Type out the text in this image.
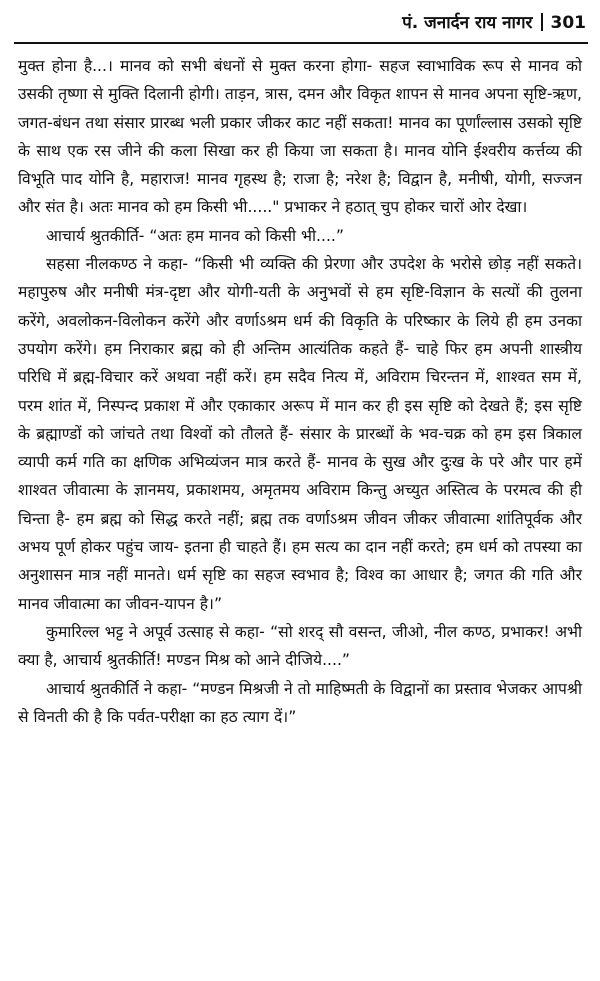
पं. जनार्दन राय नागर 301

मुक्त होना है...। मानव को सभी बंधनों से मुक्त करना होगा- सहज स्वाभाविक रूप से मानव को उसकी तृष्णा से मुक्ति दिलानी होगी। ताड़न, त्रास, दमन और विकृत शापन से मानव अपना सृष्टि-ऋण, जगत-बंधन तथा संसार प्रारब्ध भली प्रकार जीकर काट नहीं सकता! मानव का पूर्णांल्लास उसको सृष्टि के साथ एक रस जीने की कला सिखा कर ही किया जा सकता है। मानव योनि ईश्वरीय कर्त्तव्य की विभूति पाद योनि है, महाराज! मानव गृहस्थ है; राजा है; नरेश है; विद्वान है, मनीषी, योगी, सज्जन और संत है। अतः मानव को हम किसी भी....." प्रभाकर ने हठात् चुप होकर चारों ओर देखा।

आचार्य श्रुतकीर्ति- “अतः हम मानव को किसी भी....”

सहसा नीलकण्ठ ने कहा- “किसी भी व्यक्ति की प्रेरणा और उपदेश के भरोसे छोड़ नहीं सकते। महापुरुष और मनीषी मंत्र-दृष्टा और योगी-यती के अनुभवों से हम सृष्टि-विज्ञान के सत्यों की तुलना करेंगे, अवलोकन-विलोकन करेंगे और वर्णाऽश्रम धर्म की विकृति के परिष्कार के लिये ही हम उनका उपयोग करेंगे। हम निराकार ब्रह्म को ही अन्तिम आत्यंतिक कहते हैं- चाहे फिर हम अपनी शास्त्रीय परिधि में ब्रह्म-विचार करें अथवा नहीं करें। हम सदैव नित्य में, अविराम चिरन्तन में, शाश्वत सम में, परम शांत में, निस्पन्द प्रकाश में और एकाकार अरूप में मान कर ही इस सृष्टि को देखते हैं; इस सृष्टि के ब्रह्माण्डों को जांचते तथा विश्वों को तौलते हैं- संसार के प्रारब्धों के भव-चक्र को हम इस त्रिकाल व्यापी कर्म गति का क्षणिक अभिव्यंजन मात्र करते हैं- मानव के सुख और दुःख के परे और पार हमें शाश्वत जीवात्मा के ज्ञानमय, प्रकाशमय, अमृतमय अविराम किन्तु अच्युत अस्तित्व के परमत्व की ही चिन्ता है- हम ब्रह्म को सिद्ध करते नहीं; ब्रह्म तक वर्णाऽश्रम जीवन जीकर जीवात्मा शांतिपूर्वक और अभय पूर्ण होकर पहुंच जाय- इतना ही चाहते हैं। हम सत्य का दान नहीं करते; हम धर्म को तपस्या का अनुशासन मात्र नहीं मानते। धर्म सृष्टि का सहज स्वभाव है; विश्व का आधार है; जगत की गति और मानव जीवात्मा का जीवन-यापन है।”

कुमारिल्ल भट्ट ने अपूर्व उत्साह से कहा- “सो शरद् सौ वसन्त, जीओ, नील कण्ठ, प्रभाकर! अभी क्या है, आचार्य श्रुतकीर्ति! मण्डन मिश्र को आने दीजिये....”

आचार्य श्रुतकीर्ति ने कहा- “मण्डन मिश्रजी ने तो माहिष्मती के विद्वानों का प्रस्ताव भेजकर आपश्री से विनती की है कि पर्वत-परीक्षा का हठ त्याग दें।”
